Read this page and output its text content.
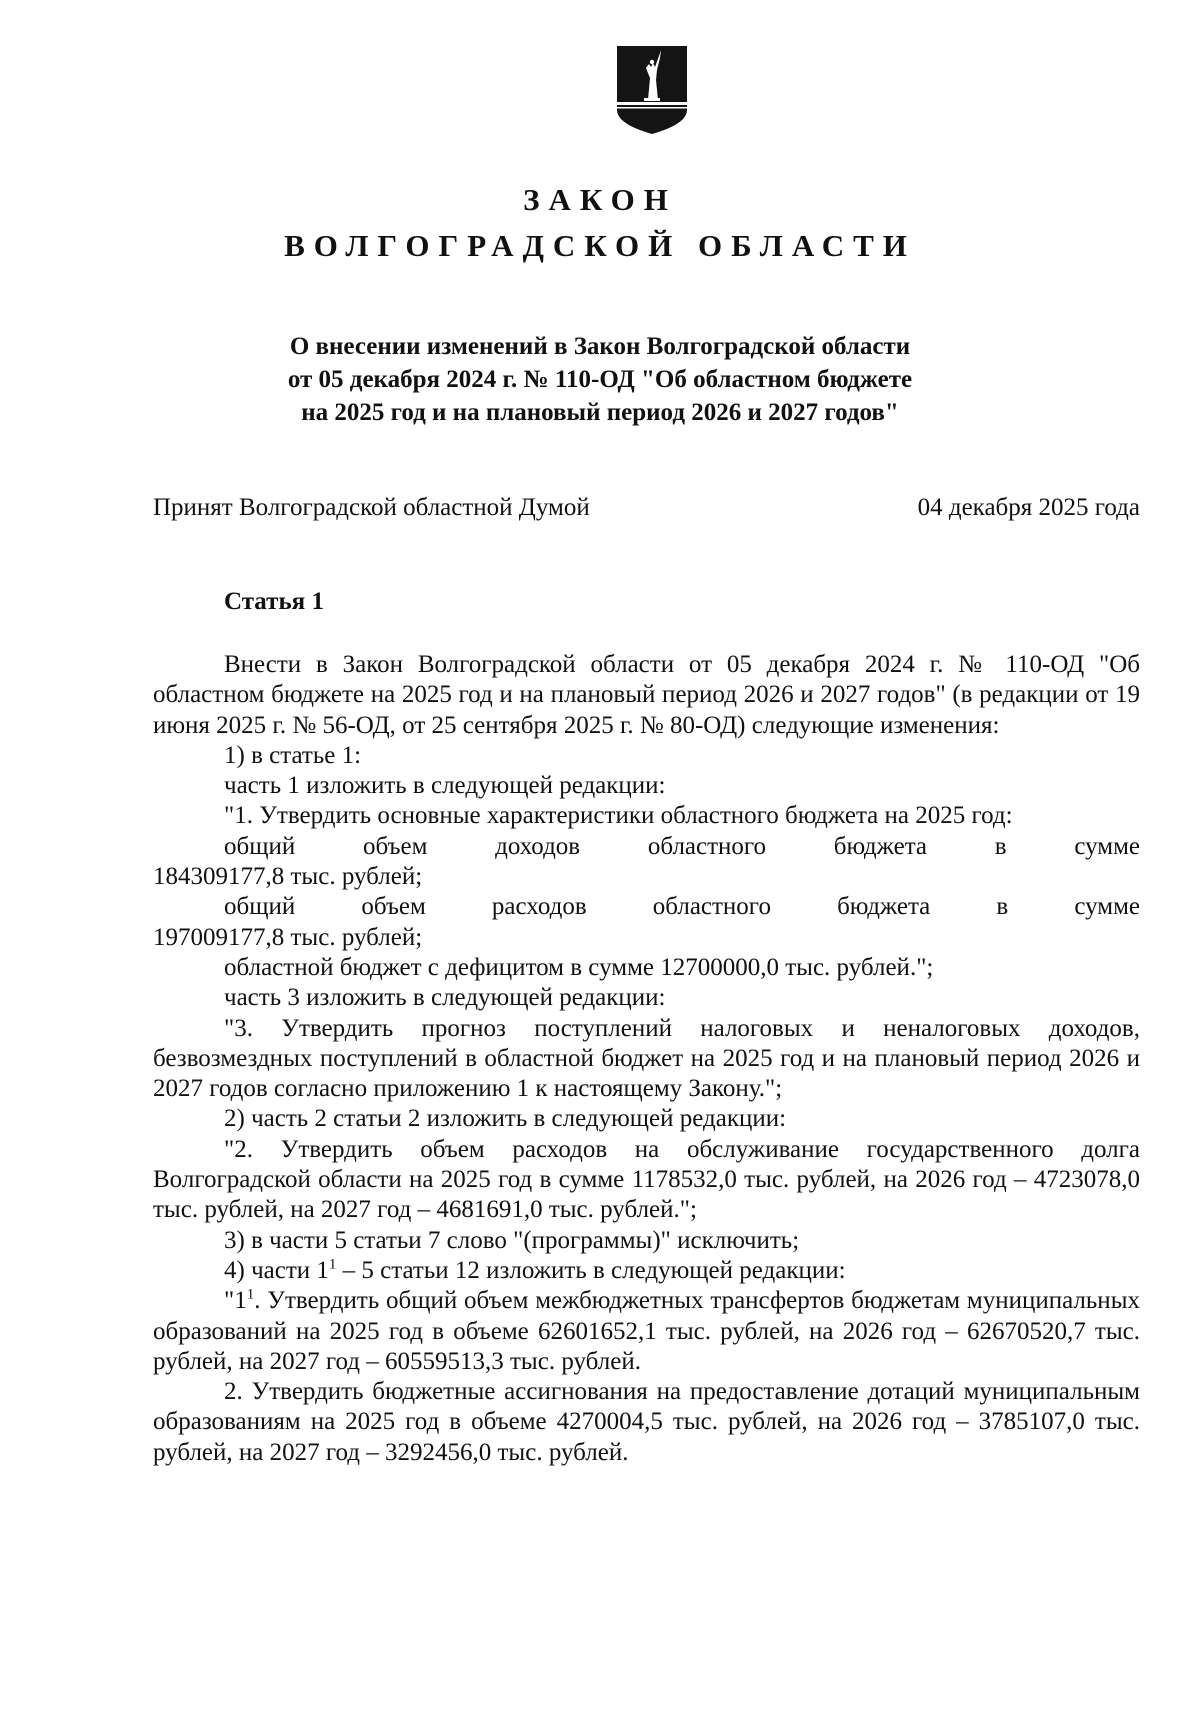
ЗАКОН
ВОЛГОГРАДСКОЙ ОБЛАСТИ
О внесении изменений в Закон Волгоградской области
от 05 декабря 2024 г. № 110-ОД "Об областном бюджете
на 2025 год и на плановый период 2026 и 2027 годов"
Принят Волгоградской областной Думой	04 декабря 2025 года
Статья 1

Внести в Закон Волгоградской области от 05 декабря 2024 г. № 110-ОД "Об областном бюджете на 2025 год и на плановый период 2026 и 2027 годов" (в редакции от 19 июня 2025 г. № 56-ОД, от 25 сентября 2025 г. № 80-ОД) следующие изменения:

1) в статье 1:

часть 1 изложить в следующей редакции:

"1. Утвердить основные характеристики областного бюджета на 2025 год:

общий объем доходов областного бюджета в сумме

184309177,8 тыс. рублей;

общий объем расходов областного бюджета в сумме

197009177,8 тыс. рублей;

областной бюджет с дефицитом в сумме 12700000,0 тыс. рублей.";

часть 3 изложить в следующей редакции:

"3. Утвердить прогноз поступлений налоговых и неналоговых доходов, безвозмездных поступлений в областной бюджет на 2025 год и на плановый период 2026 и 2027 годов согласно приложению 1 к настоящему Закону.";

2) часть 2 статьи 2 изложить в следующей редакции:

"2. Утвердить объем расходов на обслуживание государственного долга Волгоградской области на 2025 год в сумме 1178532,0 тыс. рублей, на 2026 год – 4723078,0 тыс. рублей, на 2027 год – 4681691,0 тыс. рублей.";

3) в части 5 статьи 7 слово "(программы)" исключить;

4) части $1^1 - 5$ статьи 12 изложить в следующей редакции:

"$1^1$. Утвердить общий объем межбюджетных трансфертов бюджетам муниципальных образований на 2025 год в объеме 62601652,1 тыс. рублей, на 2026 год – 62670520,7 тыс. рублей, на 2027 год – 60559513,3 тыс. рублей.

2. Утвердить бюджетные ассигнования на предоставление дотаций муниципальным образованиям на 2025 год в объеме 4270004,5 тыс. рублей, на 2026 год – 3785107,0 тыс. рублей, на 2027 год – 3292456,0 тыс. рублей.
